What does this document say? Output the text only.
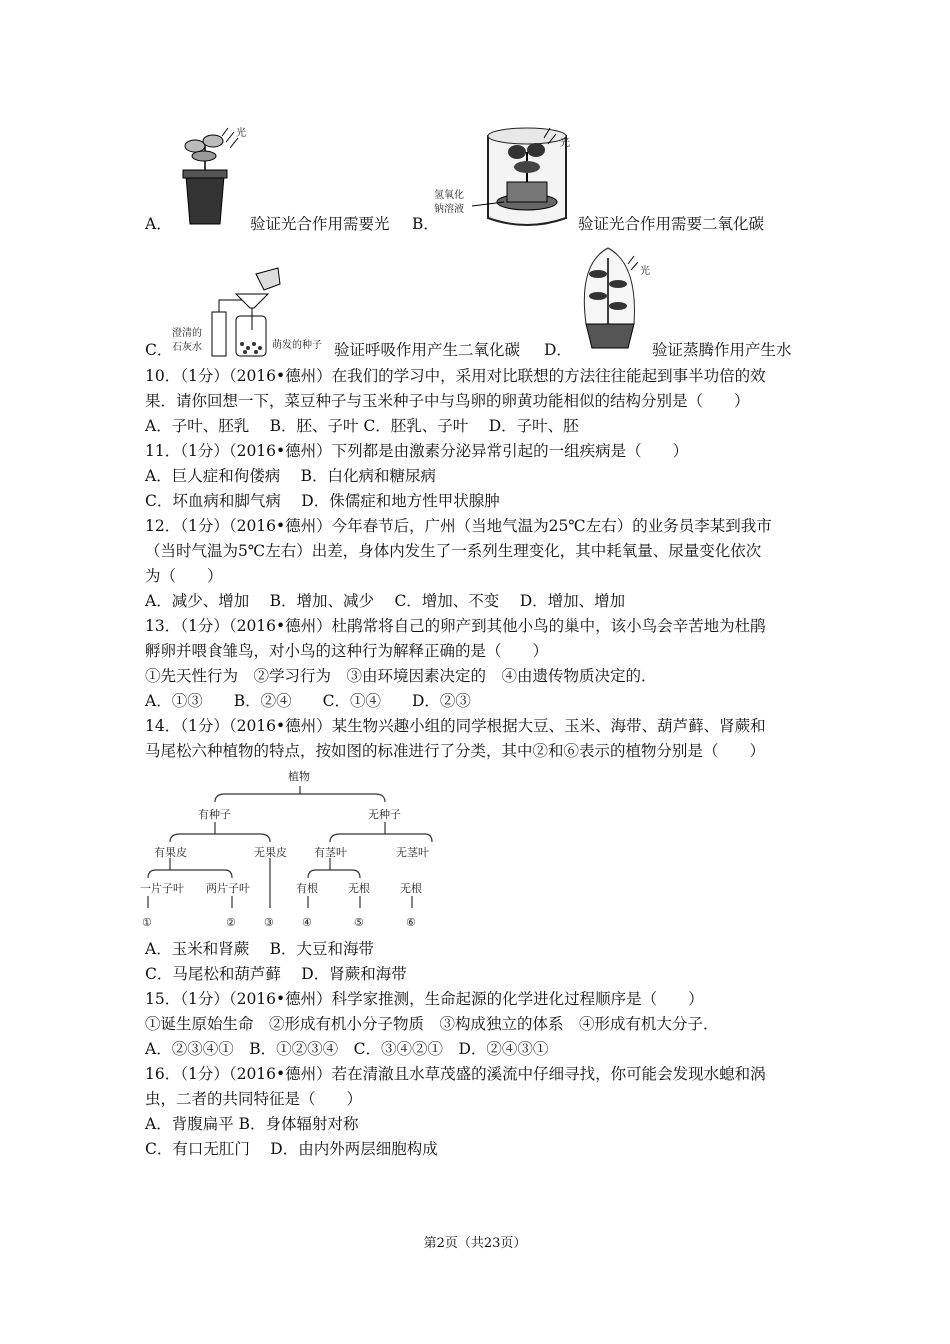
A．
光
验证光合作用需要光 B．
光
氢氧化
钠溶液
验证光合作用需要二氧化碳
C．
澄清的
石灰水	萌发的种子 验证呼吸作用产生二氧化碳 D．
光
验证蒸腾作用产生水
10．（1分）（2016•德州）在我们的学习中，采用对比联想的方法往往能起到事半功倍的效
果．请你回想一下，菜豆种子与玉米种子中与鸟卵的卵黄功能相似的结构分别是（　　）
A．子叶、胚乳　 B．胚、子叶 C．胚乳、子叶　 D．子叶、胚
11．（1分）（2016•德州）下列都是由激素分泌异常引起的一组疾病是（　　）
A．巨人症和佝偻病　 B．白化病和糖尿病
C．坏血病和脚气病　 D．侏儒症和地方性甲状腺肿
12．（1分）（2016•德州）今年春节后，广州（当地气温为25℃左右）的业务员李某到我市
（当时气温为5℃左右）出差，身体内发生了一系列生理变化，其中耗氧量、尿量变化依次
为（　　）
A．减少、增加　 B．增加、减少　 C．增加、不变　 D．增加、增加
13．（1分）（2016•德州）杜鹃常将自己的卵产到其他小鸟的巢中，该小鸟会辛苦地为杜鹃
孵卵并喂食雏鸟，对小鸟的这种行为解释正确的是（　　）
①先天性行为　②学习行为　③由环境因素决定的　④由遗传物质决定的．
A．①③　　B．②④　　C．①④　　D．②③
14．（1分）（2016•德州）某生物兴趣小组的同学根据大豆、玉米、海带、葫芦藓、肾蕨和
马尾松六种植物的特点，按如图的标准进行了分类，其中②和⑥表示的植物分别是（　　）
植物
有种子	无种子
有果皮	无果皮 有茎叶	无茎叶
一片子叶 两片子叶	有根	无根	无根
①	②	③	④	⑤	⑥
A．玉米和肾蕨　 B．大豆和海带
C．马尾松和葫芦藓　 D．肾蕨和海带
15．（1分）（2016•德州）科学家推测，生命起源的化学进化过程顺序是（　　）
①诞生原始生命　②形成有机小分子物质　③构成独立的体系　④形成有机大分子．
A．②③④①　B．①②③④　C．③④②①　D．②④③①
16．（1分）（2016•德州）若在清澈且水草茂盛的溪流中仔细寻找，你可能会发现水螅和涡
虫，二者的共同特征是（　　）
A．背腹扁平 B．身体辐射对称
C．有口无肛门　 D．由内外两层细胞构成
第2页（共23页）
